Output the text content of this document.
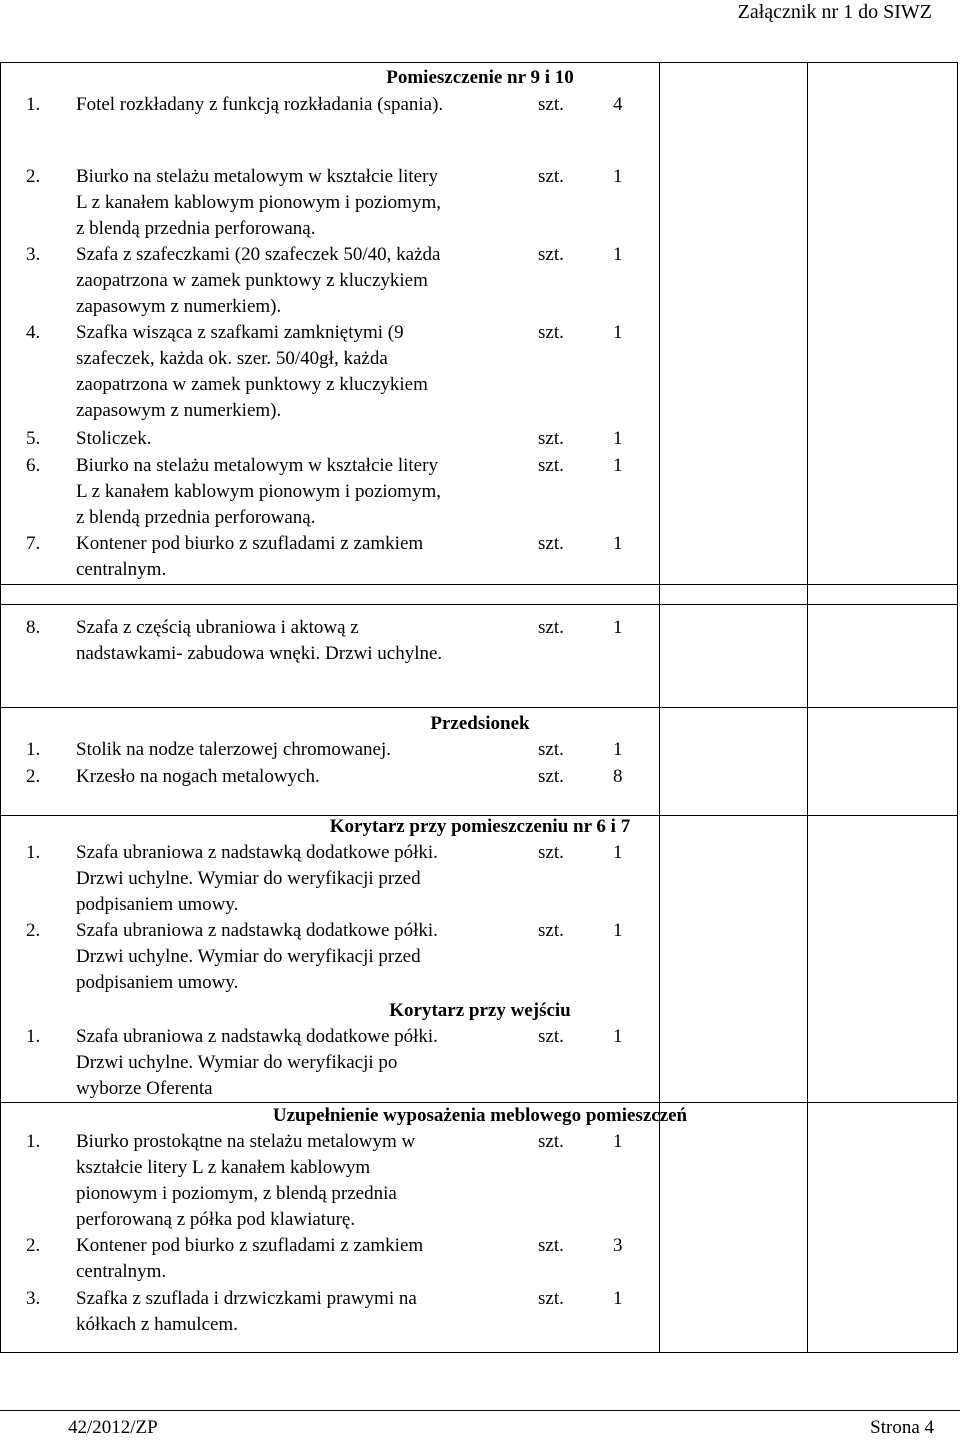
Załącznik nr 1 do SIWZ
Pomieszczenie nr 9 i 10
1. Fotel rozkładany z funkcją rozkładania (spania).	szt.	4
2. Biurko na stelażu metalowym w kształcie litery
L z kanałem kablowym pionowym i poziomym,
z blendą przednia perforowaną.
szt.	1
3. Szafa z szafeczkami (20 szafeczek 50/40, każda
zaopatrzona w zamek punktowy z kluczykiem
zapasowym z numerkiem).
szt.	1
4. Szafka wisząca z szafkami zamkniętymi (9
szafeczek, każda ok. szer. 50/40gł, każda
zaopatrzona w zamek punktowy z kluczykiem
zapasowym z numerkiem).
szt.	1
5. Stoliczek.	szt.	1
6. Biurko na stelażu metalowym w kształcie litery
L z kanałem kablowym pionowym i poziomym,
z blendą przednia perforowaną.
szt.	1
7. Kontener pod biurko z szufladami z zamkiem
centralnym.
szt.	1
8. Szafa z częścią ubraniowa i aktową z
nadstawkami- zabudowa wnęki. Drzwi uchylne.
szt.	1
Przedsionek
1. Stolik na nodze talerzowej chromowanej.	szt.	1
2. Krzesło na nogach metalowych.	szt.	8
Korytarz przy pomieszczeniu nr 6 i 7
1. Szafa ubraniowa z nadstawką dodatkowe półki.
Drzwi uchylne. Wymiar do weryfikacji przed
podpisaniem umowy.
szt.	1
2. Szafa ubraniowa z nadstawką dodatkowe półki.
Drzwi uchylne. Wymiar do weryfikacji przed
podpisaniem umowy.
szt.	1
Korytarz przy wejściu
1. Szafa ubraniowa z nadstawką dodatkowe półki.
Drzwi uchylne. Wymiar do weryfikacji po
wyborze Oferenta
szt.	1
Uzupełnienie wyposażenia meblowego pomieszczeń
1. Biurko prostokątne na stelażu metalowym w
kształcie litery L z kanałem kablowym
pionowym i poziomym, z blendą przednia
perforowaną z półka pod klawiaturę.
szt.	1
2. Kontener pod biurko z szufladami z zamkiem
centralnym.
szt.	3
3. Szafka z szuflada i drzwiczkami prawymi na
kółkach z hamulcem.
szt.	1
42/2012/ZP	Strona 4
